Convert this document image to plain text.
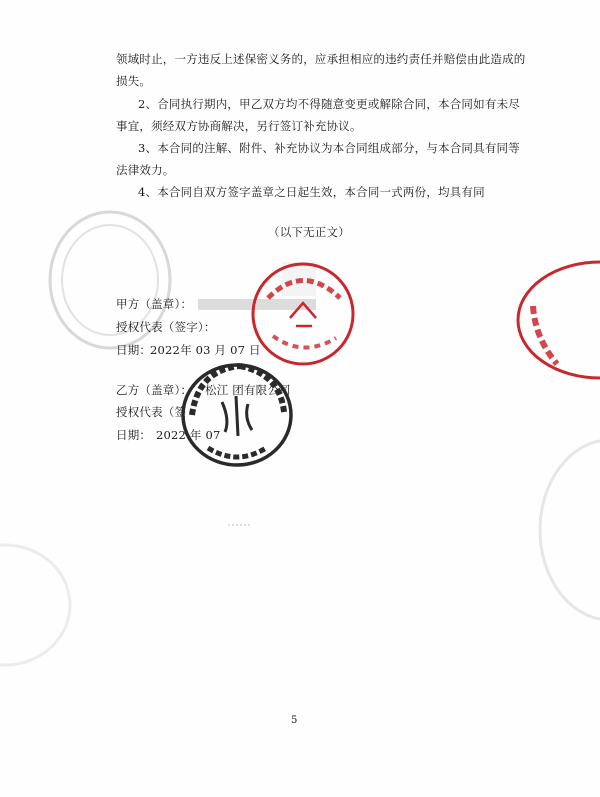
领域时止，一方违反上述保密义务的，应承担相应的违约责任并赔偿由此造成的
损失。
2、合同执行期内，甲乙双方均不得随意变更或解除合同，本合同如有未尽
事宜，须经双方协商解决，另行签订补充协议。
3、本合同的注解、附件、补充协议为本合同组成部分，与本合同具有同等
法律效力。
4、本合同自双方签字盖章之日起生效，本合同一式两份，均具有同
（以下无正文）
甲方（盖章）：
授权代表（签字）：
日期：
2022年 03 月 07 日
乙方（盖章）： 松江 团有限公司
授权代表（签
日期： 2022 年 07
5
